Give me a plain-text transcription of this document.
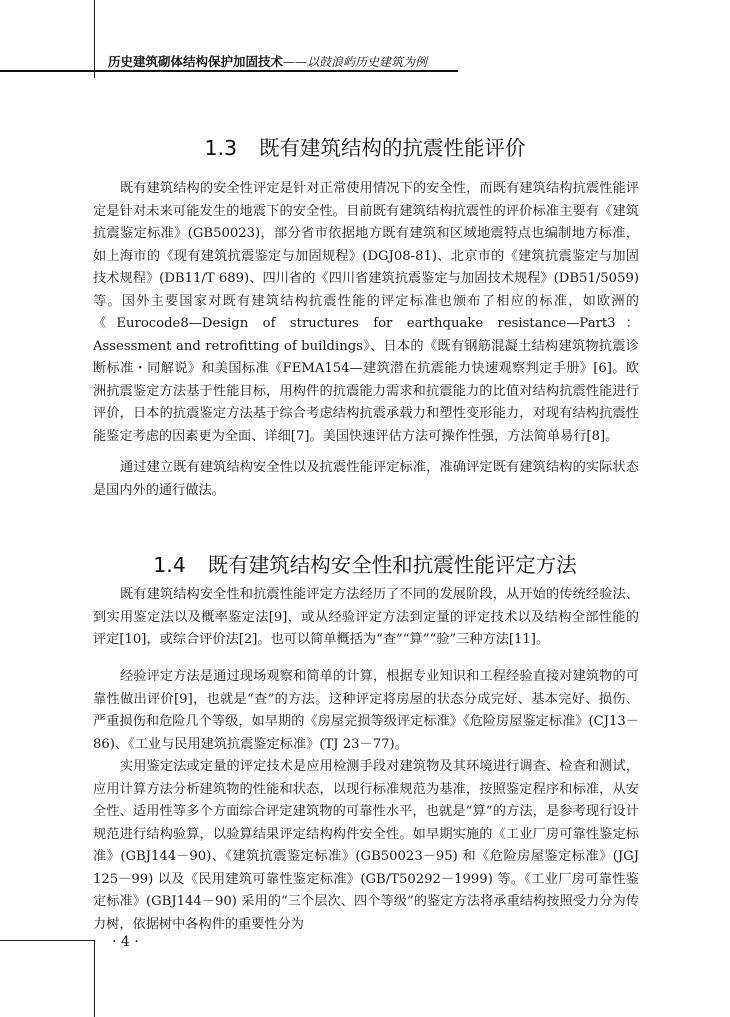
历史建筑砌体结构保护加固技术——以鼓浪屿历史建筑为例
1.3 既有建筑结构的抗震性能评价

既有建筑结构的安全性评定是针对正常使用情况下的安全性，而既有建筑结构抗震性能评定是针对未来可能发生的地震下的安全性。目前既有建筑结构抗震性的评价标准主要有《建筑抗震鉴定标准》(GB50023)，部分省市依据地方既有建筑和区域地震特点也编制地方标准，如上海市的《现有建筑抗震鉴定与加固规程》(DGJ08-81)、北京市的《建筑抗震鉴定与加固技术规程》(DB11/T 689)、四川省的《四川省建筑抗震鉴定与加固技术规程》(DB51/5059) 等。国外主要国家对既有建筑结构抗震性能的评定标准也颁布了相应的标准，如欧洲的《Eurocode8—Design of structures for earthquake resistance—Part3：Assessment and retrofitting of buildings》、日本的《既有钢筋混凝土结构建筑物抗震诊断标准・同解说》和美国标准《FEMA154—建筑潜在抗震能力快速观察判定手册》[6]。欧洲抗震鉴定方法基于性能目标，用构件的抗震能力需求和抗震能力的比值对结构抗震性能进行评价，日本的抗震鉴定方法基于综合考虑结构抗震承载力和塑性变形能力，对现有结构抗震性能鉴定考虑的因素更为全面、详细[7]。美国快速评估方法可操作性强，方法简单易行[8]。

通过建立既有建筑结构安全性以及抗震性能评定标准，准确评定既有建筑结构的实际状态是国内外的通行做法。

1.4 既有建筑结构安全性和抗震性能评定方法

既有建筑结构安全性和抗震性能评定方法经历了不同的发展阶段，从开始的传统经验法、到实用鉴定法以及概率鉴定法[9]，或从经验评定方法到定量的评定技术以及结构全部性能的评定[10]，或综合评价法[2]。也可以简单概括为“查”“算”“验”三种方法[11]。

经验评定方法是通过现场观察和简单的计算，根据专业知识和工程经验直接对建筑物的可靠性做出评价[9]，也就是“查”的方法。这种评定将房屋的状态分成完好、基本完好、损伤、严重损伤和危险几个等级，如早期的《房屋完损等级评定标准》《危险房屋鉴定标准》(CJ13－86)、《工业与民用建筑抗震鉴定标准》(TJ 23－77)。

实用鉴定法或定量的评定技术是应用检测手段对建筑物及其环境进行调查、检查和测试，应用计算方法分析建筑物的性能和状态，以现行标准规范为基准，按照鉴定程序和标准，从安全性、适用性等多个方面综合评定建筑物的可靠性水平，也就是“算”的方法，是参考现行设计规范进行结构验算，以验算结果评定结构构件安全性。如早期实施的《工业厂房可靠性鉴定标准》(GBJ144－90)、《建筑抗震鉴定标准》(GB50023－95) 和《危险房屋鉴定标准》(JGJ 125－99) 以及《民用建筑可靠性鉴定标准》(GB/T50292－1999) 等。《工业厂房可靠性鉴定标准》(GBJ144－90) 采用的“三个层次、四个等级”的鉴定方法将承重结构按照受力分为传力树，依据树中各构件的重要性分为

· 4 ·
